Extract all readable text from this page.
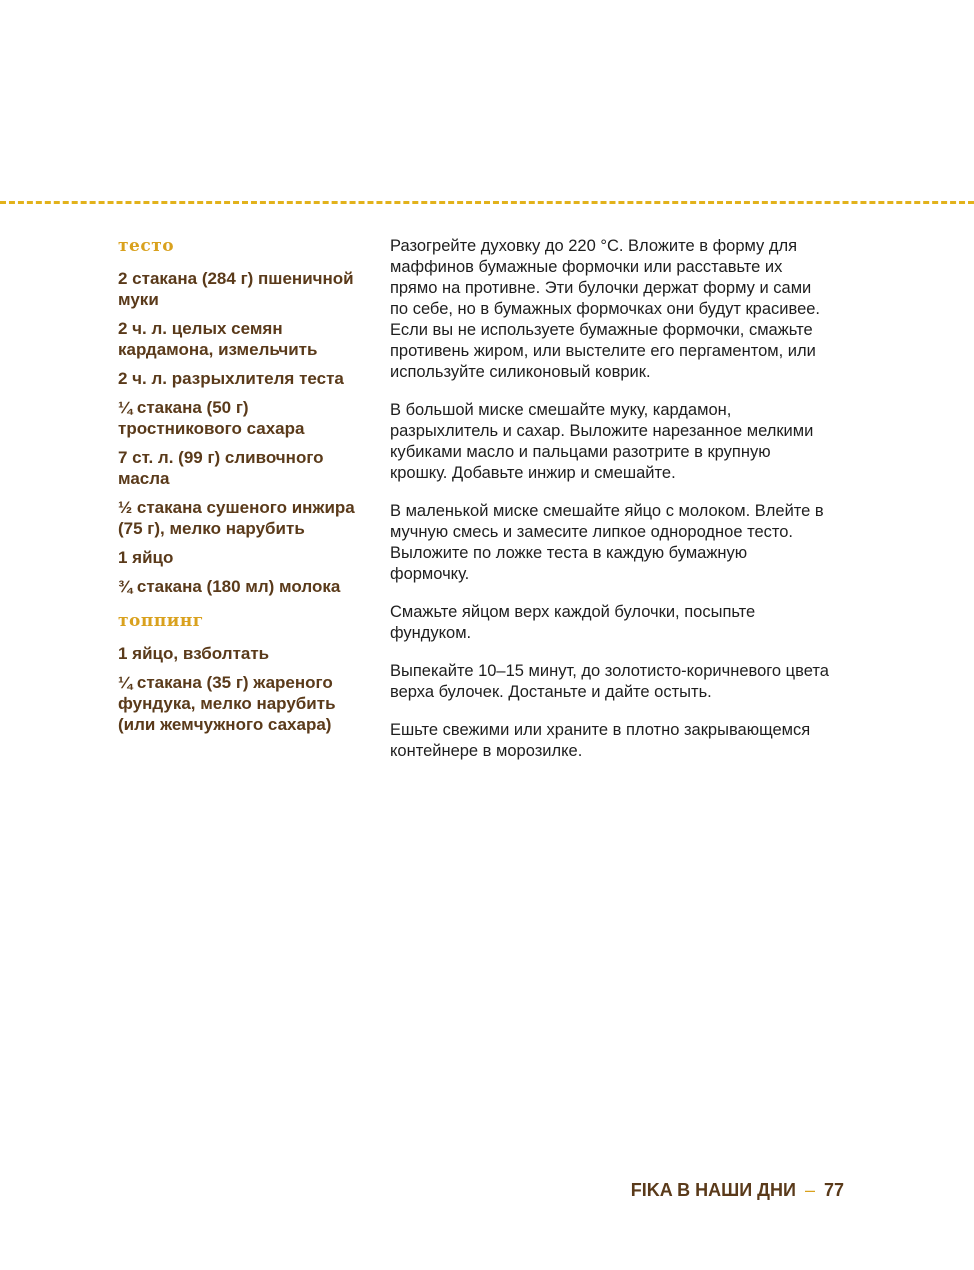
тесто
2 стакана (284 г) пшеничной муки
2 ч. л. целых семян кардамона, измельчить
2 ч. л. разрыхлителя теста
¼ стакана (50 г) тростникового сахара
7 ст. л. (99 г) сливочного масла
½ стакана сушеного инжира (75 г), мелко нарубить
1 яйцо
¾ стакана (180 мл) молока
топпинг
1 яйцо, взболтать
¼ стакана (35 г) жареного фундука, мелко нарубить (или жемчужного сахара)

Разогрейте духовку до 220 °C. Вложите в форму для маффинов бумажные формочки или расставьте их прямо на противне. Эти булочки держат форму и сами по себе, но в бумажных формочках они будут красивее. Если вы не используете бумажные формочки, смажьте противень жиром, или выстелите его пергаментом, или используйте силиконовый коврик.

В большой миске смешайте муку, кардамон, разрыхлитель и сахар. Выложите нарезанное мелкими кубиками масло и пальцами разотрите в крупную крошку. Добавьте инжир и смешайте.

В маленькой миске смешайте яйцо с молоком. Влейте в мучную смесь и замесите липкое однородное тесто. Выложите по ложке теста в каждую бумажную формочку.

Смажьте яйцом верх каждой булочки, посыпьте фундуком.

Выпекайте 10–15 минут, до золотисто-коричневого цвета верха булочек. Достаньте и дайте остыть.

Ешьте свежими или храните в плотно закрывающемся контейнере в морозилке.

FIKA В НАШИ ДНИ – 77
